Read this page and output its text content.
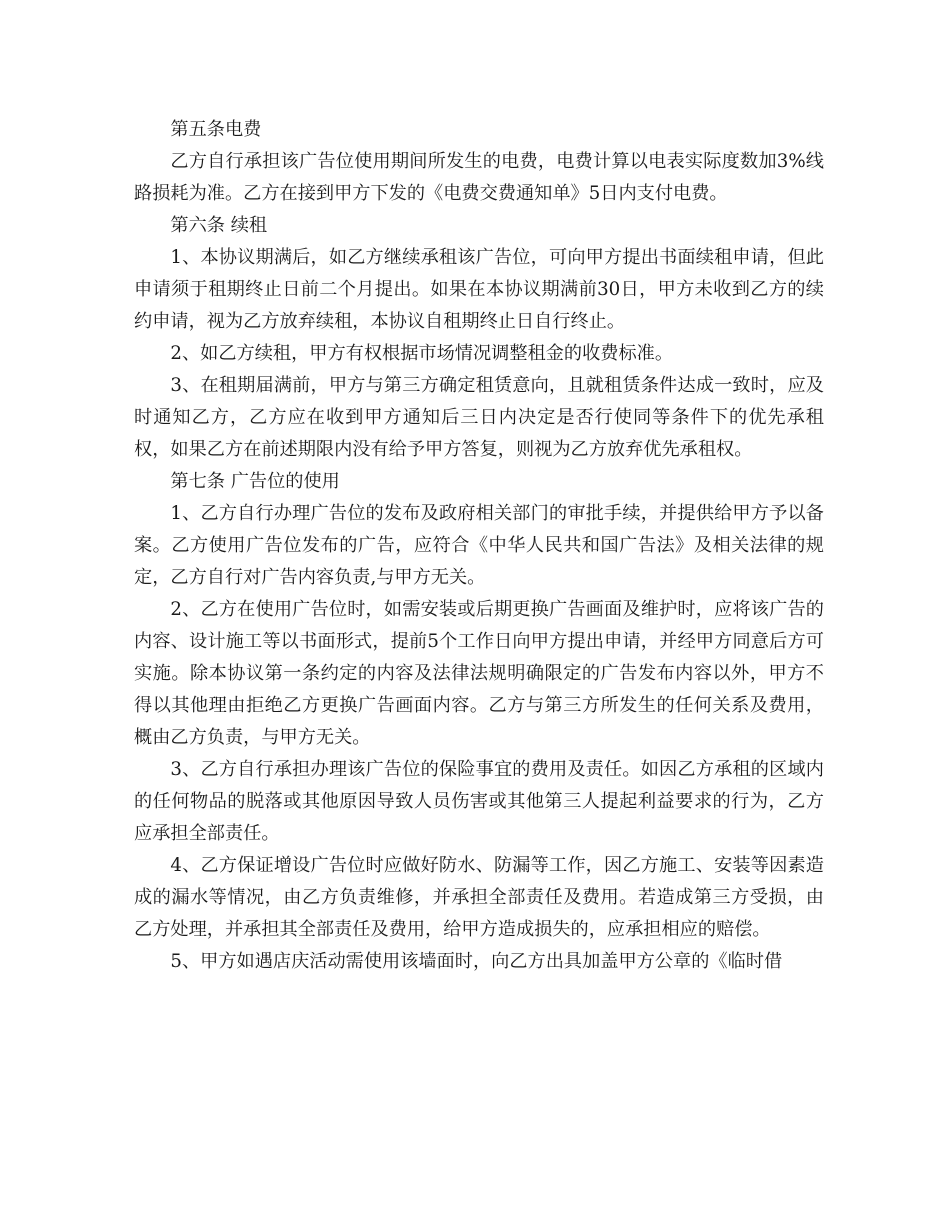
第五条电费

乙方自行承担该广告位使用期间所发生的电费，电费计算以电表实际度数加3%线路损耗为准。乙方在接到甲方下发的《电费交费通知单》5日内支付电费。

第六条 续租

1、本协议期满后，如乙方继续承租该广告位，可向甲方提出书面续租申请，但此申请须于租期终止日前二个月提出。如果在本协议期满前30日，甲方未收到乙方的续约申请，视为乙方放弃续租，本协议自租期终止日自行终止。

2、如乙方续租，甲方有权根据市场情况调整租金的收费标准。

3、在租期届满前，甲方与第三方确定租赁意向，且就租赁条件达成一致时，应及时通知乙方，乙方应在收到甲方通知后三日内决定是否行使同等条件下的优先承租权，如果乙方在前述期限内没有给予甲方答复，则视为乙方放弃优先承租权。

第七条 广告位的使用

1、乙方自行办理广告位的发布及政府相关部门的审批手续，并提供给甲方予以备案。乙方使用广告位发布的广告，应符合《中华人民共和国广告法》及相关法律的规定，乙方自行对广告内容负责,与甲方无关。

2、乙方在使用广告位时，如需安装或后期更换广告画面及维护时，应将该广告的内容、设计施工等以书面形式，提前5个工作日向甲方提出申请，并经甲方同意后方可实施。除本协议第一条约定的内容及法律法规明确限定的广告发布内容以外，甲方不得以其他理由拒绝乙方更换广告画面内容。乙方与第三方所发生的任何关系及费用，概由乙方负责，与甲方无关。

3、乙方自行承担办理该广告位的保险事宜的费用及责任。如因乙方承租的区域内的任何物品的脱落或其他原因导致人员伤害或其他第三人提起利益要求的行为，乙方应承担全部责任。

4、乙方保证增设广告位时应做好防水、防漏等工作，因乙方施工、安装等因素造成的漏水等情况，由乙方负责维修，并承担全部责任及费用。若造成第三方受损，由乙方处理，并承担其全部责任及费用，给甲方造成损失的，应承担相应的赔偿。

5、甲方如遇店庆活动需使用该墙面时，向乙方出具加盖甲方公章的《临时借
